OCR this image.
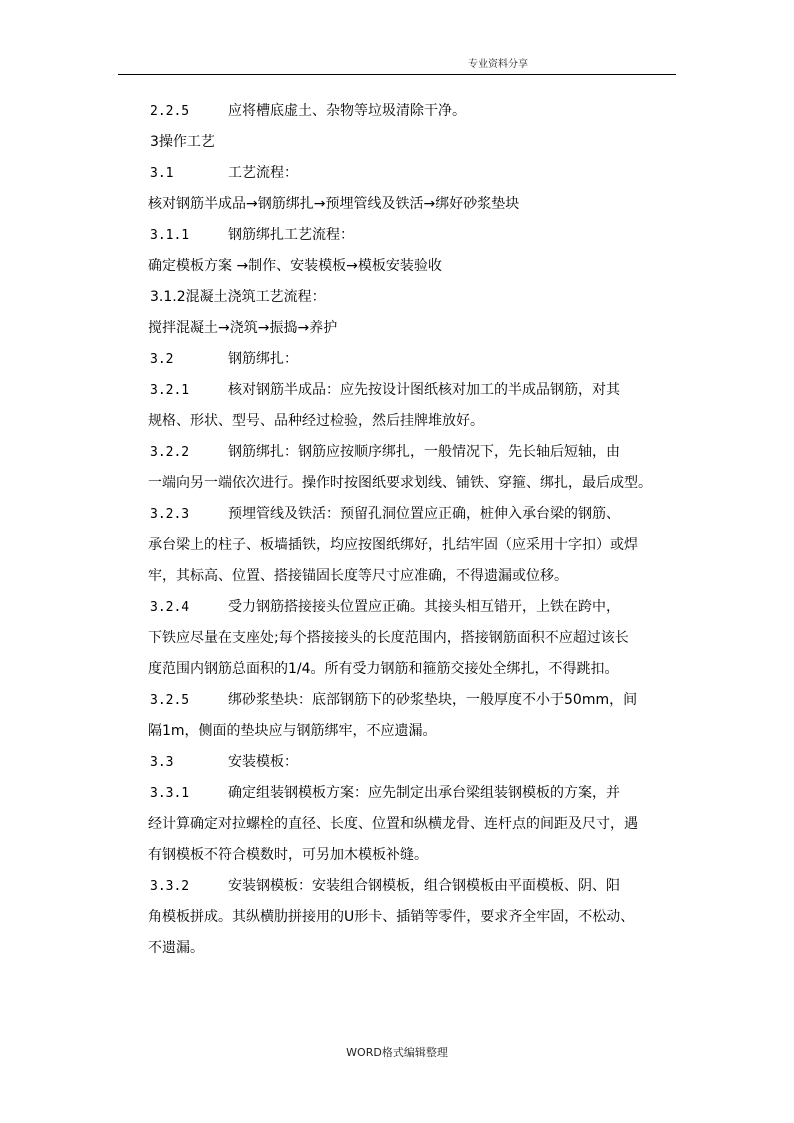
专业资料分享
2.2.5	应将槽底虚土、杂物等垃圾清除干净。
3操作工艺
3.1	工艺流程：
核对钢筋半成品→钢筋绑扎→预埋管线及铁活→绑好砂浆垫块
3.1.1	钢筋绑扎工艺流程：
确定模板方案 →制作、安装模板→模板安装验收
3.1.2混凝土浇筑工艺流程：
搅拌混凝土→浇筑→振捣→养护
3.2	钢筋绑扎：
3.2.1	核对钢筋半成品：应先按设计图纸核对加工的半成品钢筋，对其
规格、形状、型号、品种经过检验，然后挂牌堆放好。
3.2.2	钢筋绑扎：钢筋应按顺序绑扎，一般情况下，先长轴后短轴，由
一端向另一端依次进行。操作时按图纸要求划线、铺铁、穿箍、绑扎，最后成型。
3.2.3	预埋管线及铁活：预留孔洞位置应正确，桩伸入承台梁的钢筋、
承台梁上的柱子、板墙插铁，均应按图纸绑好，扎结牢固（应采用十字扣）或焊
牢，其标高、位置、搭接锚固长度等尺寸应准确，不得遗漏或位移。
3.2.4	受力钢筋搭接接头位置应正确。其接头相互错开，上铁在跨中，
下铁应尽量在支座处;每个搭接接头的长度范围内，搭接钢筋面积不应超过该长
度范围内钢筋总面积的1/4。所有受力钢筋和箍筋交接处全绑扎，不得跳扣。
3.2.5	绑砂浆垫块：底部钢筋下的砂浆垫块，一般厚度不小于50mm，间
隔1m，侧面的垫块应与钢筋绑牢，不应遗漏。
3.3	安装模板：
3.3.1	确定组装钢模板方案：应先制定出承台梁组装钢模板的方案，并
经计算确定对拉螺栓的直径、长度、位置和纵横龙骨、连杆点的间距及尺寸，遇
有钢模板不符合模数时，可另加木模板补缝。
3.3.2	安装钢模板：安装组合钢模板，组合钢模板由平面模板、阴、阳
角模板拼成。其纵横肋拼接用的U形卡、插销等零件，要求齐全牢固，不松动、
不遗漏。
WORD格式编辑整理
